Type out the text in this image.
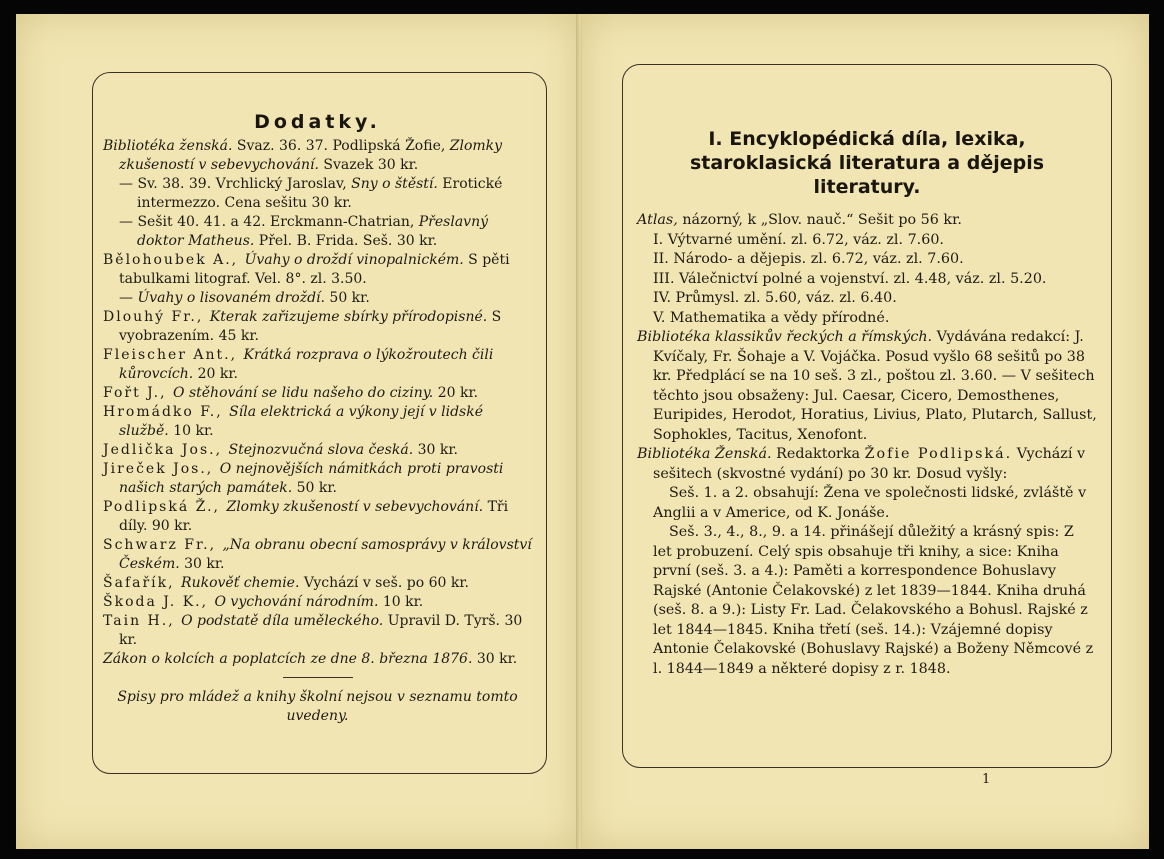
Dodatky.

Bibliotéka ženská. Svaz. 36. 37. Podlipská Žofie, Zlomky zkušeností v sebevychování. Svazek 30 kr.

— Sv. 38. 39. Vrchlický Jaroslav, Sny o štěstí. Erotické intermezzo. Cena sešitu 30 kr.

— Sešit 40. 41. a 42. Erckmann-Chatrian, Přeslavný doktor Matheus. Přel. B. Frida. Seš. 30 kr.

Bělohoubek A., Úvahy o droždí vinopalnickém. S pěti tabulkami litograf. Vel. 8°. zl. 3.50.

— Úvahy o lisovaném droždí. 50 kr.

Dlouhý Fr., Kterak zařizujeme sbírky přírodopisné. S vyobrazením. 45 kr.

Fleischer Ant., Krátká rozprava o lýkožroutech čili kůrovcích. 20 kr.

Fořt J., O stěhování se lidu našeho do ciziny. 20 kr.

Hromádko F., Síla elektrická a výkony její v lidské službě. 10 kr.

Jedlička Jos., Stejnozvučná slova česká. 30 kr.

Jireček Jos., O nejnovějších námitkách proti pravosti našich starých památek. 50 kr.

Podlipská Ž., Zlomky zkušeností v sebevychování. Tři díly. 90 kr.

Schwarz Fr., „Na obranu obecní samosprávy v království Českém. 30 kr.

Šafařík, Rukověť chemie. Vychází v seš. po 60 kr.

Škoda J. K., O vychování národním. 10 kr.

Tain H., O podstatě díla uměleckého. Upravil D. Tyrš. 30 kr.

Zákon o kolcích a poplatcích ze dne 8. března 1876. 30 kr.

Spisy pro mládež a knihy školní nejsou v seznamu tomto uvedeny.
I. Encyklopédická díla, lexika, staroklasická literatura a dějepis literatury.

Atlas, názorný, k „Slov. nauč.“ Sešit po 56 kr.

I. Výtvarné umění. zl. 6.72, váz. zl. 7.60.

II. Národo- a dějepis. zl. 6.72, váz. zl. 7.60.

III. Válečnictví polné a vojenství. zl. 4.48, váz. zl. 5.20.

IV. Průmysl. zl. 5.60, váz. zl. 6.40.

V. Mathematika a vědy přírodné.

Bibliotéka klassikův řeckých a římských. Vydávána redakcí: J. Kvíčaly, Fr. Šohaje a V. Vojáčka. Posud vyšlo 68 sešitů po 38 kr. Předplácí se na 10 seš. 3 zl., poštou zl. 3.60. — V sešitech těchto jsou obsaženy: Jul. Caesar, Cicero, Demosthenes, Euripides, Herodot, Horatius, Livius, Plato, Plutarch, Sallust, Sophokles, Tacitus, Xenofont.

Bibliotéka Ženská. Redaktorka Žofie Podlipská. Vychází v sešitech (skvostné vydání) po 30 kr. Dosud vyšly:

Seš. 1. a 2. obsahují: Žena ve společnosti lidské, zvláště v Anglii a v Americe, od K. Jonáše.

Seš. 3., 4., 8., 9. a 14. přinášejí důležitý a krásný spis: Z let probuzení. Celý spis obsahuje tři knihy, a sice: Kniha první (seš. 3. a 4.): Paměti a korrespondence Bohuslavy Rajské (Antonie Čelakovské) z let 1839—1844. Kniha druhá (seš. 8. a 9.): Listy Fr. Lad. Čelakovského a Bohusl. Rajské z let 1844—1845. Kniha třetí (seš. 14.): Vzájemné dopisy Antonie Čelakovské (Bohuslavy Rajské) a Boženy Němcové z l. 1844—1849 a některé dopisy z r. 1848.

1
